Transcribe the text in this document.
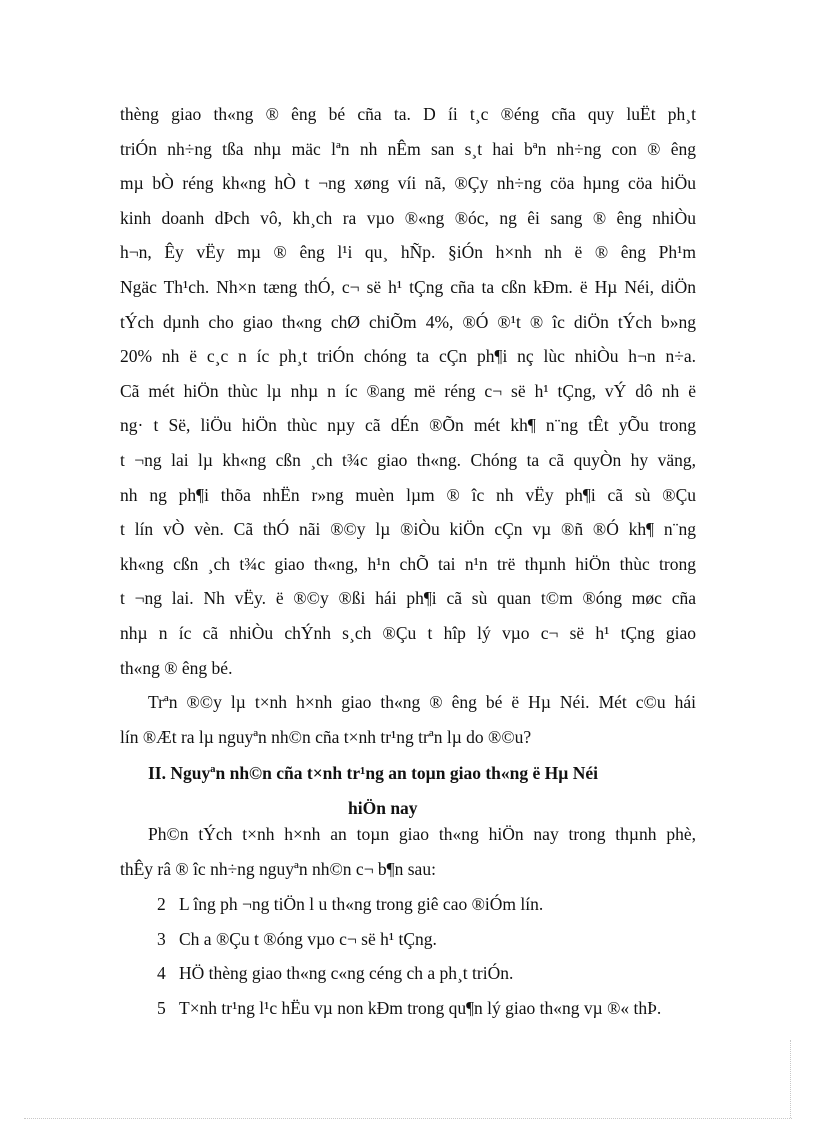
thèng giao th«ng ® êng bé cña ta. D íi t¸c ®éng cña quy luËt ph¸t
triÓn nh÷ng tßa nhµ mäc lªn nh nÊm san s¸t hai bªn nh÷ng con ® êng
mµ bÒ réng kh«ng hÒ t ¬ng xøng víi nã, ®Çy nh÷ng cöa hµng cöa hiÖu
kinh doanh dÞch vô, kh¸ch ra vµo ®«ng ®óc, ng êi sang ® êng nhiÒu
h¬n, Êy vËy mµ ® êng l¹i qu¸ hÑp. §iÓn h×nh nh ë ® êng Ph¹m
Ngäc Th¹ch. Nh×n tæng thÓ, c¬ së h¹ tÇng cña ta cßn kÐm. ë Hµ Néi, diÖn
tÝch dµnh cho giao th«ng chØ chiÕm 4%, ®Ó ®¹t ® îc diÖn tÝch b»ng
20% nh ë c¸c n íc ph¸t triÓn chóng ta cÇn ph¶i nç lùc nhiÒu h¬n n÷a.
Cã mét hiÖn thùc lµ nhµ n íc ®ang më réng c¬ së h¹ tÇng, vÝ dô nh ë
ng· t Së, liÖu hiÖn thùc nµy cã dÉn ®Õn mét kh¶ n¨ng tÊt yÕu trong
t ¬ng lai lµ kh«ng cßn ¸ch t¾c giao th«ng. Chóng ta cã quyÒn hy väng,
nh ng ph¶i thõa nhËn r»ng muèn lµm ® îc nh vËy ph¶i cã sù ®Çu
t lín vÒ vèn. Cã thÓ nãi ®©y lµ ®iÒu kiÖn cÇn vµ ®ñ ®Ó kh¶ n¨ng
kh«ng cßn ¸ch t¾c giao th«ng, h¹n chÕ tai n¹n trë thµnh hiÖn thùc trong
t ¬ng lai. Nh vËy. ë ®©y ®ßi hái ph¶i cã sù quan t©m ®óng møc cña
nhµ n íc cã nhiÒu chÝnh s¸ch ®Çu t hîp lý vµo c¬ së h¹ tÇng giao
th«ng ® êng bé.
Trªn ®©y lµ t×nh h×nh giao th«ng ® êng bé ë Hµ Néi. Mét c©u hái
lín ®Æt ra lµ nguyªn nh©n cña t×nh tr¹ng trªn lµ do ®©u?
II. Nguyªn nh©n cña t×nh tr¹ng an toµn giao th«ng ë Hµ Néi
hiÖn nay
Ph©n tÝch t×nh h×nh an toµn giao th«ng hiÖn nay trong thµnh phè,
thÊy râ ® îc nh÷ng nguyªn nh©n c¬ b¶n sau:
2 L îng ph ¬ng tiÖn l u th«ng trong giê cao ®iÓm lín.
3 Ch a ®Çu t ®óng vµo c¬ së h¹ tÇng.
4 HÖ thèng giao th«ng c«ng céng ch a ph¸t triÓn.
5 T×nh tr¹ng l¹c hËu vµ non kÐm trong qu¶n lý giao th«ng vµ ®« thÞ.
